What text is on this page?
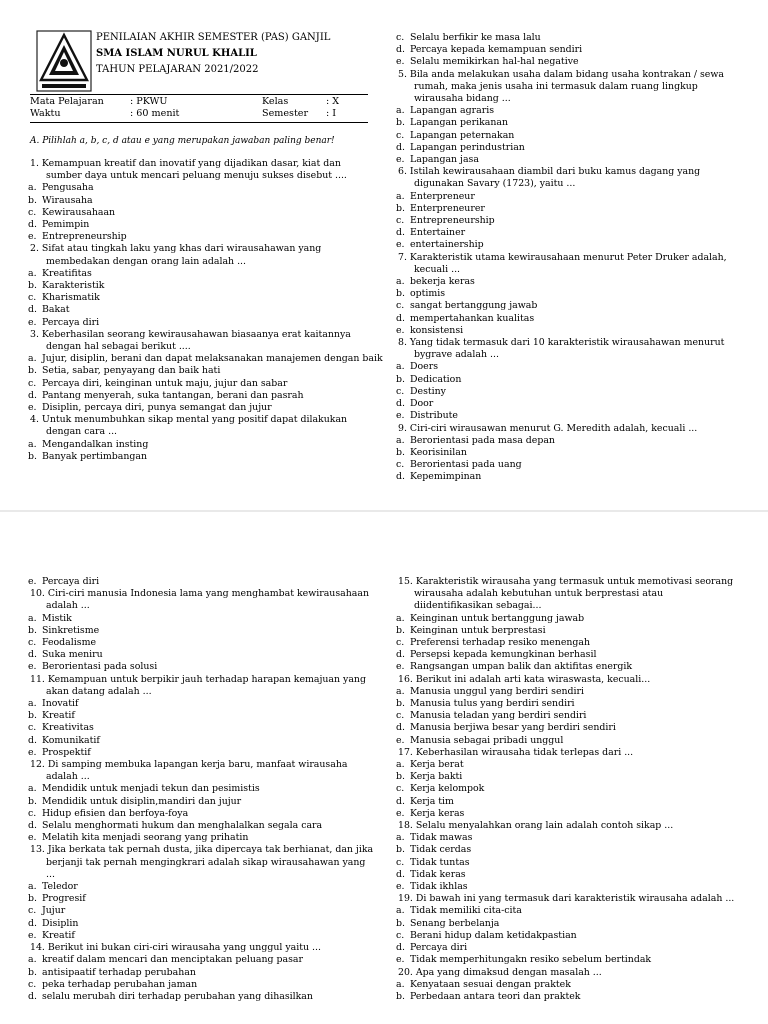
PENILAIAN AKHIR SEMESTER (PAS) GANJIL
SMA ISLAM NURUL KHALIL
TAHUN PELAJARAN 2021/2022
Mata Pelajaran	: PKWU	Kelas	: X
Waktu	: 60 menit	Semester : I
A. Pilihlah a, b, c, d atau e yang merupakan jawaban paling benar!
1. Kemampuan kreatif dan inovatif yang dijadikan dasar, kiat dan sumber daya untuk mencari peluang menuju sukses disebut ....
a. Pengusaha
b. Wirausaha
c. Kewirausahaan
d. Pemimpin
e. Entrepreneurship
2. Sifat atau tingkah laku yang khas dari wirausahawan yang membedakan dengan orang lain adalah ...
a. Kreatifitas
b. Karakteristik
c. Kharismatik
d. Bakat
e. Percaya diri
3. Keberhasilan seorang kewirausahawan biasaanya erat kaitannya dengan hal sebagai berikut ....
a. Jujur, disiplin, berani dan dapat melaksanakan manajemen dengan baik
b. Setia, sabar, penyayang dan baik hati
c. Percaya diri, keinginan untuk maju, jujur dan sabar
d. Pantang menyerah, suka tantangan, berani dan pasrah
e. Disiplin, percaya diri, punya semangat dan jujur
4. Untuk menumbuhkan sikap mental yang positif dapat dilakukan dengan cara ...
a. Mengandalkan insting
b. Banyak pertimbangan
c. Selalu berfikir ke masa lalu
d. Percaya kepada kemampuan sendiri
e. Selalu memikirkan hal-hal negative
5. Bila anda melakukan usaha dalam bidang usaha kontrakan / sewa rumah, maka jenis usaha ini termasuk dalam ruang lingkup wirausaha bidang ...
a. Lapangan agraris
b. Lapangan perikanan
c. Lapangan peternakan
d. Lapangan perindustrian
e. Lapangan jasa
6. Istilah kewirausahaan diambil dari buku kamus dagang yang digunakan Savary (1723), yaitu ...
a. Enterpreneur
b. Enterpreneurer
c. Entrepreneurship
d. Entertainer
e. entertainership
7. Karakteristik utama kewirausahaan menurut Peter Druker adalah, kecuali ...
a. bekerja keras
b. optimis
c. sangat bertanggung jawab
d. mempertahankan kualitas
e. konsistensi
8. Yang tidak termasuk dari 10 karakteristik wirausahawan menurut bygrave adalah ...
a. Doers
b. Dedication
c. Destiny
d. Door
e. Distribute
9. Ciri-ciri wirausawan menurut G. Meredith adalah, kecuali ...
a. Berorientasi pada masa depan
b. Keorisinilan
c. Berorientasi pada uang
d. Kepemimpinan
e. Percaya diri
10. Ciri-ciri manusia Indonesia lama yang menghambat kewirausahaan adalah ...
a. Mistik
b. Sinkretisme
c. Feodalisme
d. Suka meniru
e. Berorientasi pada solusi
11. Kemampuan untuk berpikir jauh terhadap harapan kemajuan yang akan datang adalah ...
a. Inovatif
b. Kreatif
c. Kreativitas
d. Komunikatif
e. Prospektif
12. Di samping membuka lapangan kerja baru, manfaat wirausaha adalah ...
a. Mendidik untuk menjadi tekun dan pesimistis
b. Mendidik untuk disiplin,mandiri dan jujur
c. Hidup efisien dan berfoya-foya
d. Selalu menghormati hukum dan menghalalkan segala cara
e. Melatih kita menjadi seorang yang prihatin
13. Jika berkata tak pernah dusta, jika dipercaya tak berhianat, dan jika berjanji tak pernah mengingkrari adalah sikap wirausahawan yang ...
a. Teledor
b. Progresif
c. Jujur
d. Disiplin
e. Kreatif
14. Berikut ini bukan ciri-ciri wirausaha yang unggul yaitu ...
a. kreatif dalam mencari dan menciptakan peluang pasar
b. antisipaatif terhadap perubahan
c. peka terhadap perubahan jaman
d. selalu merubah diri terhadap perubahan yang dihasilkan
15. Karakteristik wirausaha yang termasuk untuk memotivasi seorang wirausaha adalah kebutuhan untuk berprestasi atau diidentifikasikan sebagai...
a. Keinginan untuk bertanggung jawab
b. Keinginan untuk berprestasi
c. Preferensi terhadap resiko menengah
d. Persepsi kepada kemungkinan berhasil
e. Rangsangan umpan balik dan aktifitas energik
16. Berikut ini adalah arti kata wiraswasta, kecuali...
a. Manusia unggul yang berdiri sendiri
b. Manusia tulus yang berdiri sendiri
c. Manusia teladan yang berdiri sendiri
d. Manusia berjiwa besar yang berdiri sendiri
e. Manusia sebagai pribadi unggul
17. Keberhasilan wirausaha tidak terlepas dari ...
a. Kerja berat
b. Kerja bakti
c. Kerja kelompok
d. Kerja tim
e. Kerja keras
18. Selalu menyalahkan orang lain adalah contoh sikap ...
a. Tidak mawas
b. Tidak cerdas
c. Tidak tuntas
d. Tidak keras
e. Tidak ikhlas
19. Di bawah ini yang termasuk dari karakteristik wirausaha adalah ...
a. Tidak memiliki cita-cita
b. Senang berbelanja
c. Berani hidup dalam ketidakpastian
d. Percaya diri
e. Tidak memperhitungakn resiko sebelum bertindak
20. Apa yang dimaksud dengan masalah ...
a. Kenyataan sesuai dengan praktek
b. Perbedaan antara teori dan praktek
